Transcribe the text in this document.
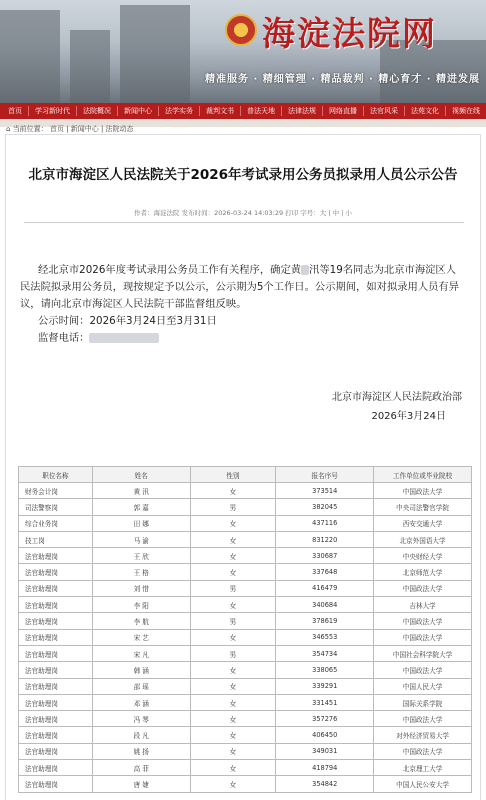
海淀法院网
精准服务 · 精细管理 · 精品裁判 · 精心育才 · 精进发展
首页	学习新时代	法院概况	新闻中心	法学实务	裁判文书	普法天地	法律法规	网络直播	法官风采	法苑文化	视频在线
⌂ 当前位置： 首页 | 新闻中心 | 法院动态
北京市海淀区人民法院关于2026年考试录用公务员拟录用人员公示公告
作者：海淀法院 发布时间：2026-03-24 14:03:29 打印 字号：大 | 中 | 小

经北京市2026年度考试录用公务员工作有关程序，确定黄 汛等19名同志为北京市海淀区人民法院拟录用公务员，现按规定予以公示，公示期为5个工作日。公示期间，如对拟录用人员有异议，请向北京市海淀区人民法院干部监督组反映。

公示时间：2026年3月24日至3月31日

监督电话：

北京市海淀区人民法院政治部
2026年3月24日
职位名称	姓名	性别	报名序号	工作单位或毕业院校
财务会计岗	黄 汛	女	373514	中国政法大学
司法警察岗	郭 嘉	男	382045	中央司法警官学院
综合业务岗	田 娜	女	437116	西安交通大学
技工岗	马 渝	女	831220	北京外国语大学
法官助理岗	王 欣	女	330687	中央财经大学
法官助理岗	王 格	女	337648	北京师范大学
法官助理岗	刘 惜	男	416479	中国政法大学
法官助理岗	李 阳	女	340684	吉林大学
法官助理岗	李 航	男	378619	中国政法大学
法官助理岗	宋 艺	女	346553	中国政法大学
法官助理岗	宋 凡	男	354734	中国社会科学院大学
法官助理岗	韩 涵	女	338065	中国政法大学
法官助理岗	邵 瑶	女	339291	中国人民大学
法官助理岗	邓 涵	女	331451	国际关系学院
法官助理岗	冯 琴	女	357276	中国政法大学
法官助理岗	段 凡	女	406450	对外经济贸易大学
法官助理岗	姚 扬	女	349031	中国政法大学
法官助理岗	高 菲	女	418794	北京理工大学
法官助理岗	唐 婕	女	354842	中国人民公安大学
